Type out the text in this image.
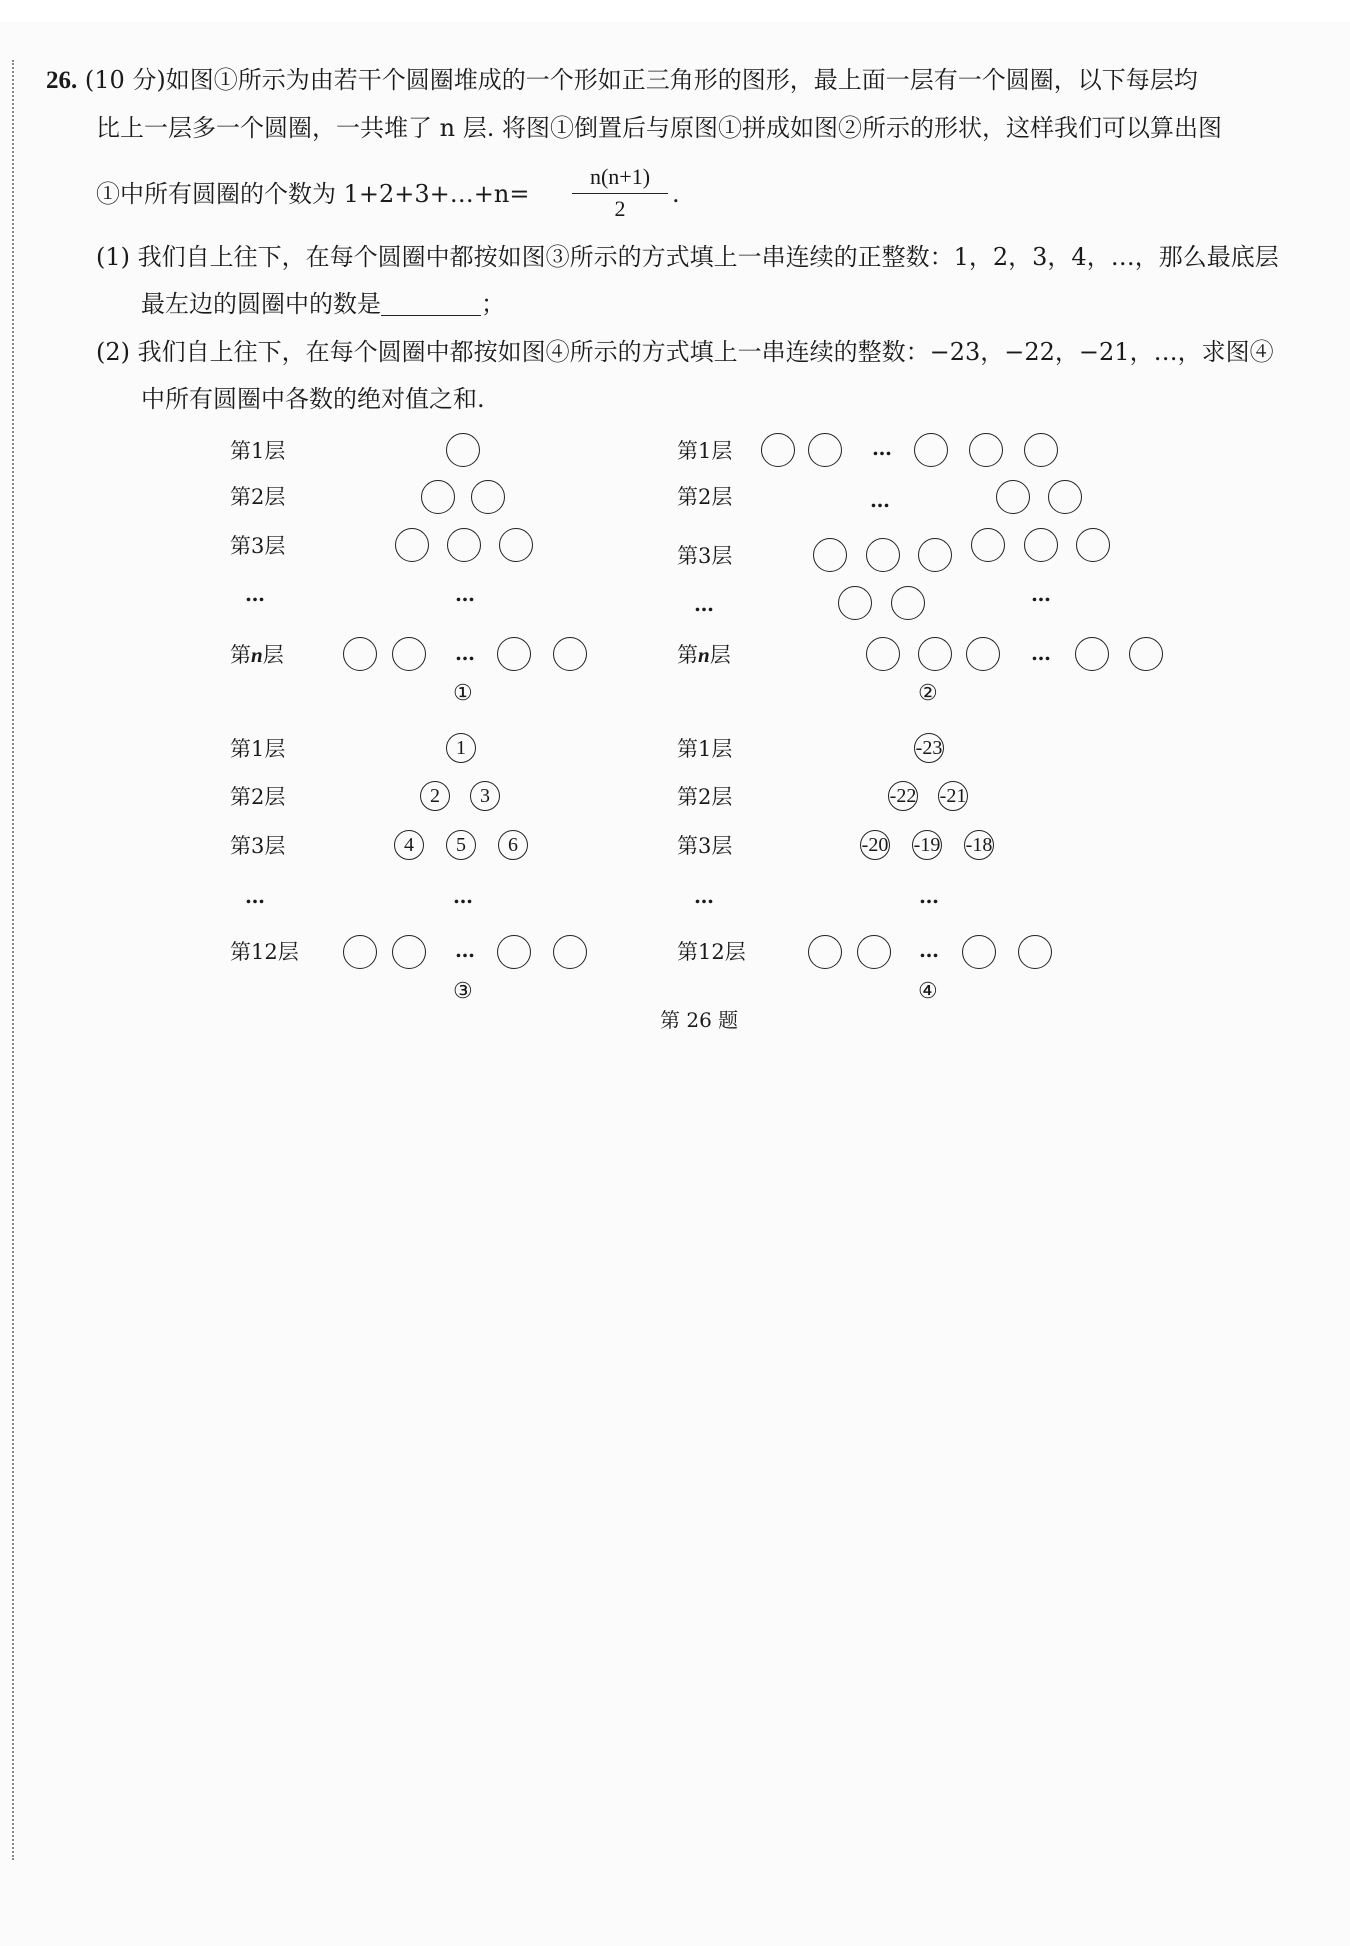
26. (10 分)如图①所示为由若干个圆圈堆成的一个形如正三角形的图形，最上面一层有一个圆圈，以下每层均
比上一层多一个圆圈，一共堆了 n 层. 将图①倒置后与原图①拼成如图②所示的形状，这样我们可以算出图
①中所有圆圈的个数为 1+2+3+…+n=
n(n+1)
2
.
(1) 我们自上往下，在每个圆圈中都按如图③所示的方式填上一串连续的正整数：1，2，3，4，…，那么最底层
最左边的圆圈中的数是	；
(2) 我们自上往下，在每个圆圈中都按如图④所示的方式填上一串连续的整数：−23，−22，−21，…，求图④
中所有圆圈中各数的绝对值之和.
第1层
第2层
第3层
…
第n层
…
…
①
第1层
第2层
第3层
…
第n层
…
…
…
…
②
第1层
第2层
第3层
…
第12层
1
2 3
4 5 6
…
…
③
第1层
第2层
第3层
…
第12层
-23
-22 -21
-20 -19 -18
…
…
④
第 26 题
